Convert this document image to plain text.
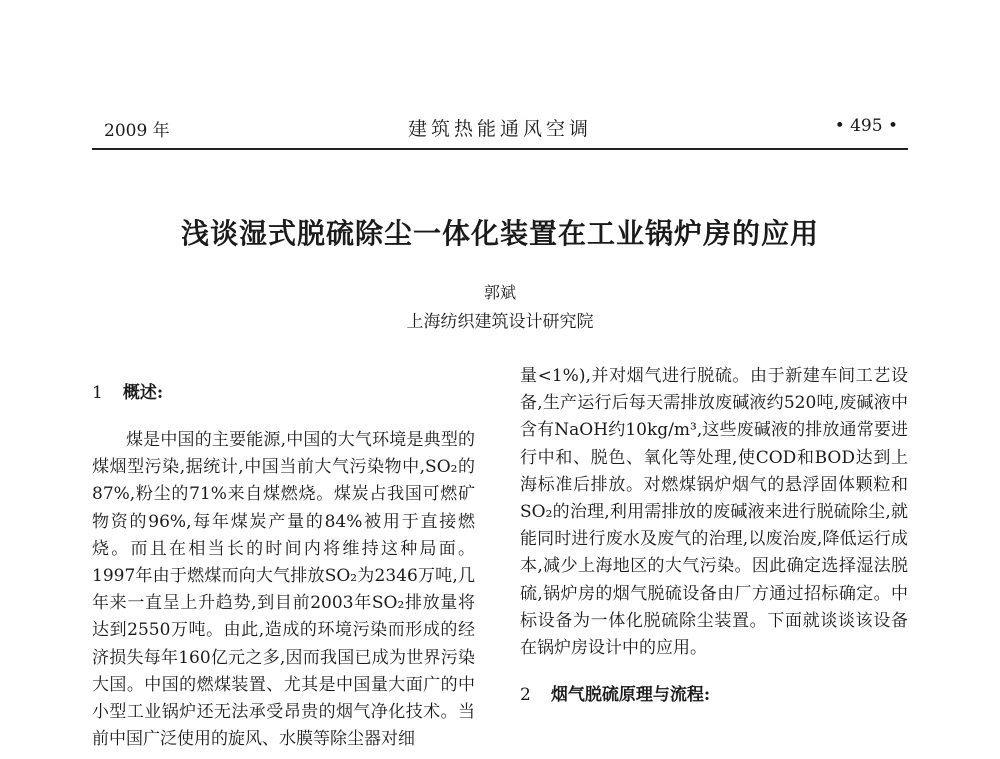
2009 年	建筑热能通风空调	• 495 •
浅谈湿式脱硫除尘一体化装置在工业锅炉房的应用
郭斌
上海纺织建筑设计研究院
1 概述:

煤是中国的主要能源,中国的大气环境是典型的煤烟型污染,据统计,中国当前大气污染物中,SO₂的87%,粉尘的71%来自煤燃烧。煤炭占我国可燃矿物资的96%,每年煤炭产量的84%被用于直接燃烧。而且在相当长的时间内将维持这种局面。1997年由于燃煤而向大气排放SO₂为2346万吨,几年来一直呈上升趋势,到目前2003年SO₂排放量将达到2550万吨。由此,造成的环境污染而形成的经济损失每年160亿元之多,因而我国已成为世界污染大国。中国的燃煤装置、尤其是中国量大面广的中小型工业锅炉还无法承受昂贵的烟气净化技术。当前中国广泛使用的旋风、水膜等除尘器对细

量<1%),并对烟气进行脱硫。由于新建车间工艺设备,生产运行后每天需排放废碱液约520吨,废碱液中含有NaOH约10kg/m³,这些废碱液的排放通常要进行中和、脱色、氧化等处理,使COD和BOD达到上海标准后排放。对燃煤锅炉烟气的悬浮固体颗粒和SO₂的治理,利用需排放的废碱液来进行脱硫除尘,就能同时进行废水及废气的治理,以废治废,降低运行成本,减少上海地区的大气污染。因此确定选择湿法脱硫,锅炉房的烟气脱硫设备由厂方通过招标确定。中标设备为一体化脱硫除尘装置。下面就谈谈该设备在锅炉房设计中的应用。

2 烟气脱硫原理与流程:
